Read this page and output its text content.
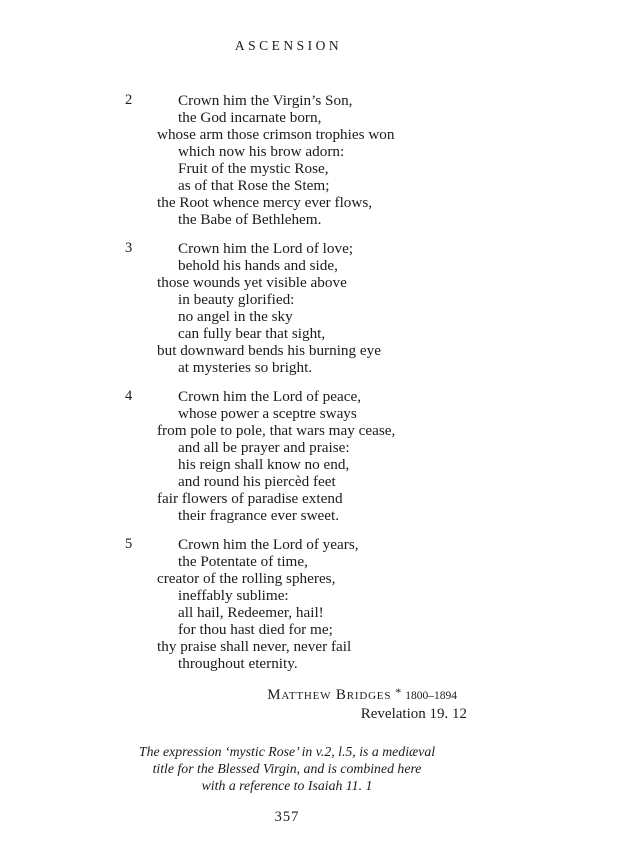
ASCENSION
2	Crown him the Virgin’s Son,
the God incarnate born,
whose arm those crimson trophies won
which now his brow adorn:
Fruit of the mystic Rose,
as of that Rose the Stem;
the Root whence mercy ever flows,
the Babe of Bethlehem.
3	Crown him the Lord of love;
behold his hands and side,
those wounds yet visible above
in beauty glorified:
no angel in the sky
can fully bear that sight,
but downward bends his burning eye
at mysteries so bright.
4	Crown him the Lord of peace,
whose power a sceptre sways
from pole to pole, that wars may cease,
and all be prayer and praise:
his reign shall know no end,
and round his piercèd feet
fair flowers of paradise extend
their fragrance ever sweet.
5	Crown him the Lord of years,
the Potentate of time,
creator of the rolling spheres,
ineffably sublime:
all hail, Redeemer, hail!
for thou hast died for me;
thy praise shall never, never fail
throughout eternity.
Matthew Bridges * 1800–1894
Revelation 19. 12
The expression ‘mystic Rose’ in v.2, l.5, is a mediæval
title for the Blessed Virgin, and is combined here
with a reference to Isaiah 11. 1
357
